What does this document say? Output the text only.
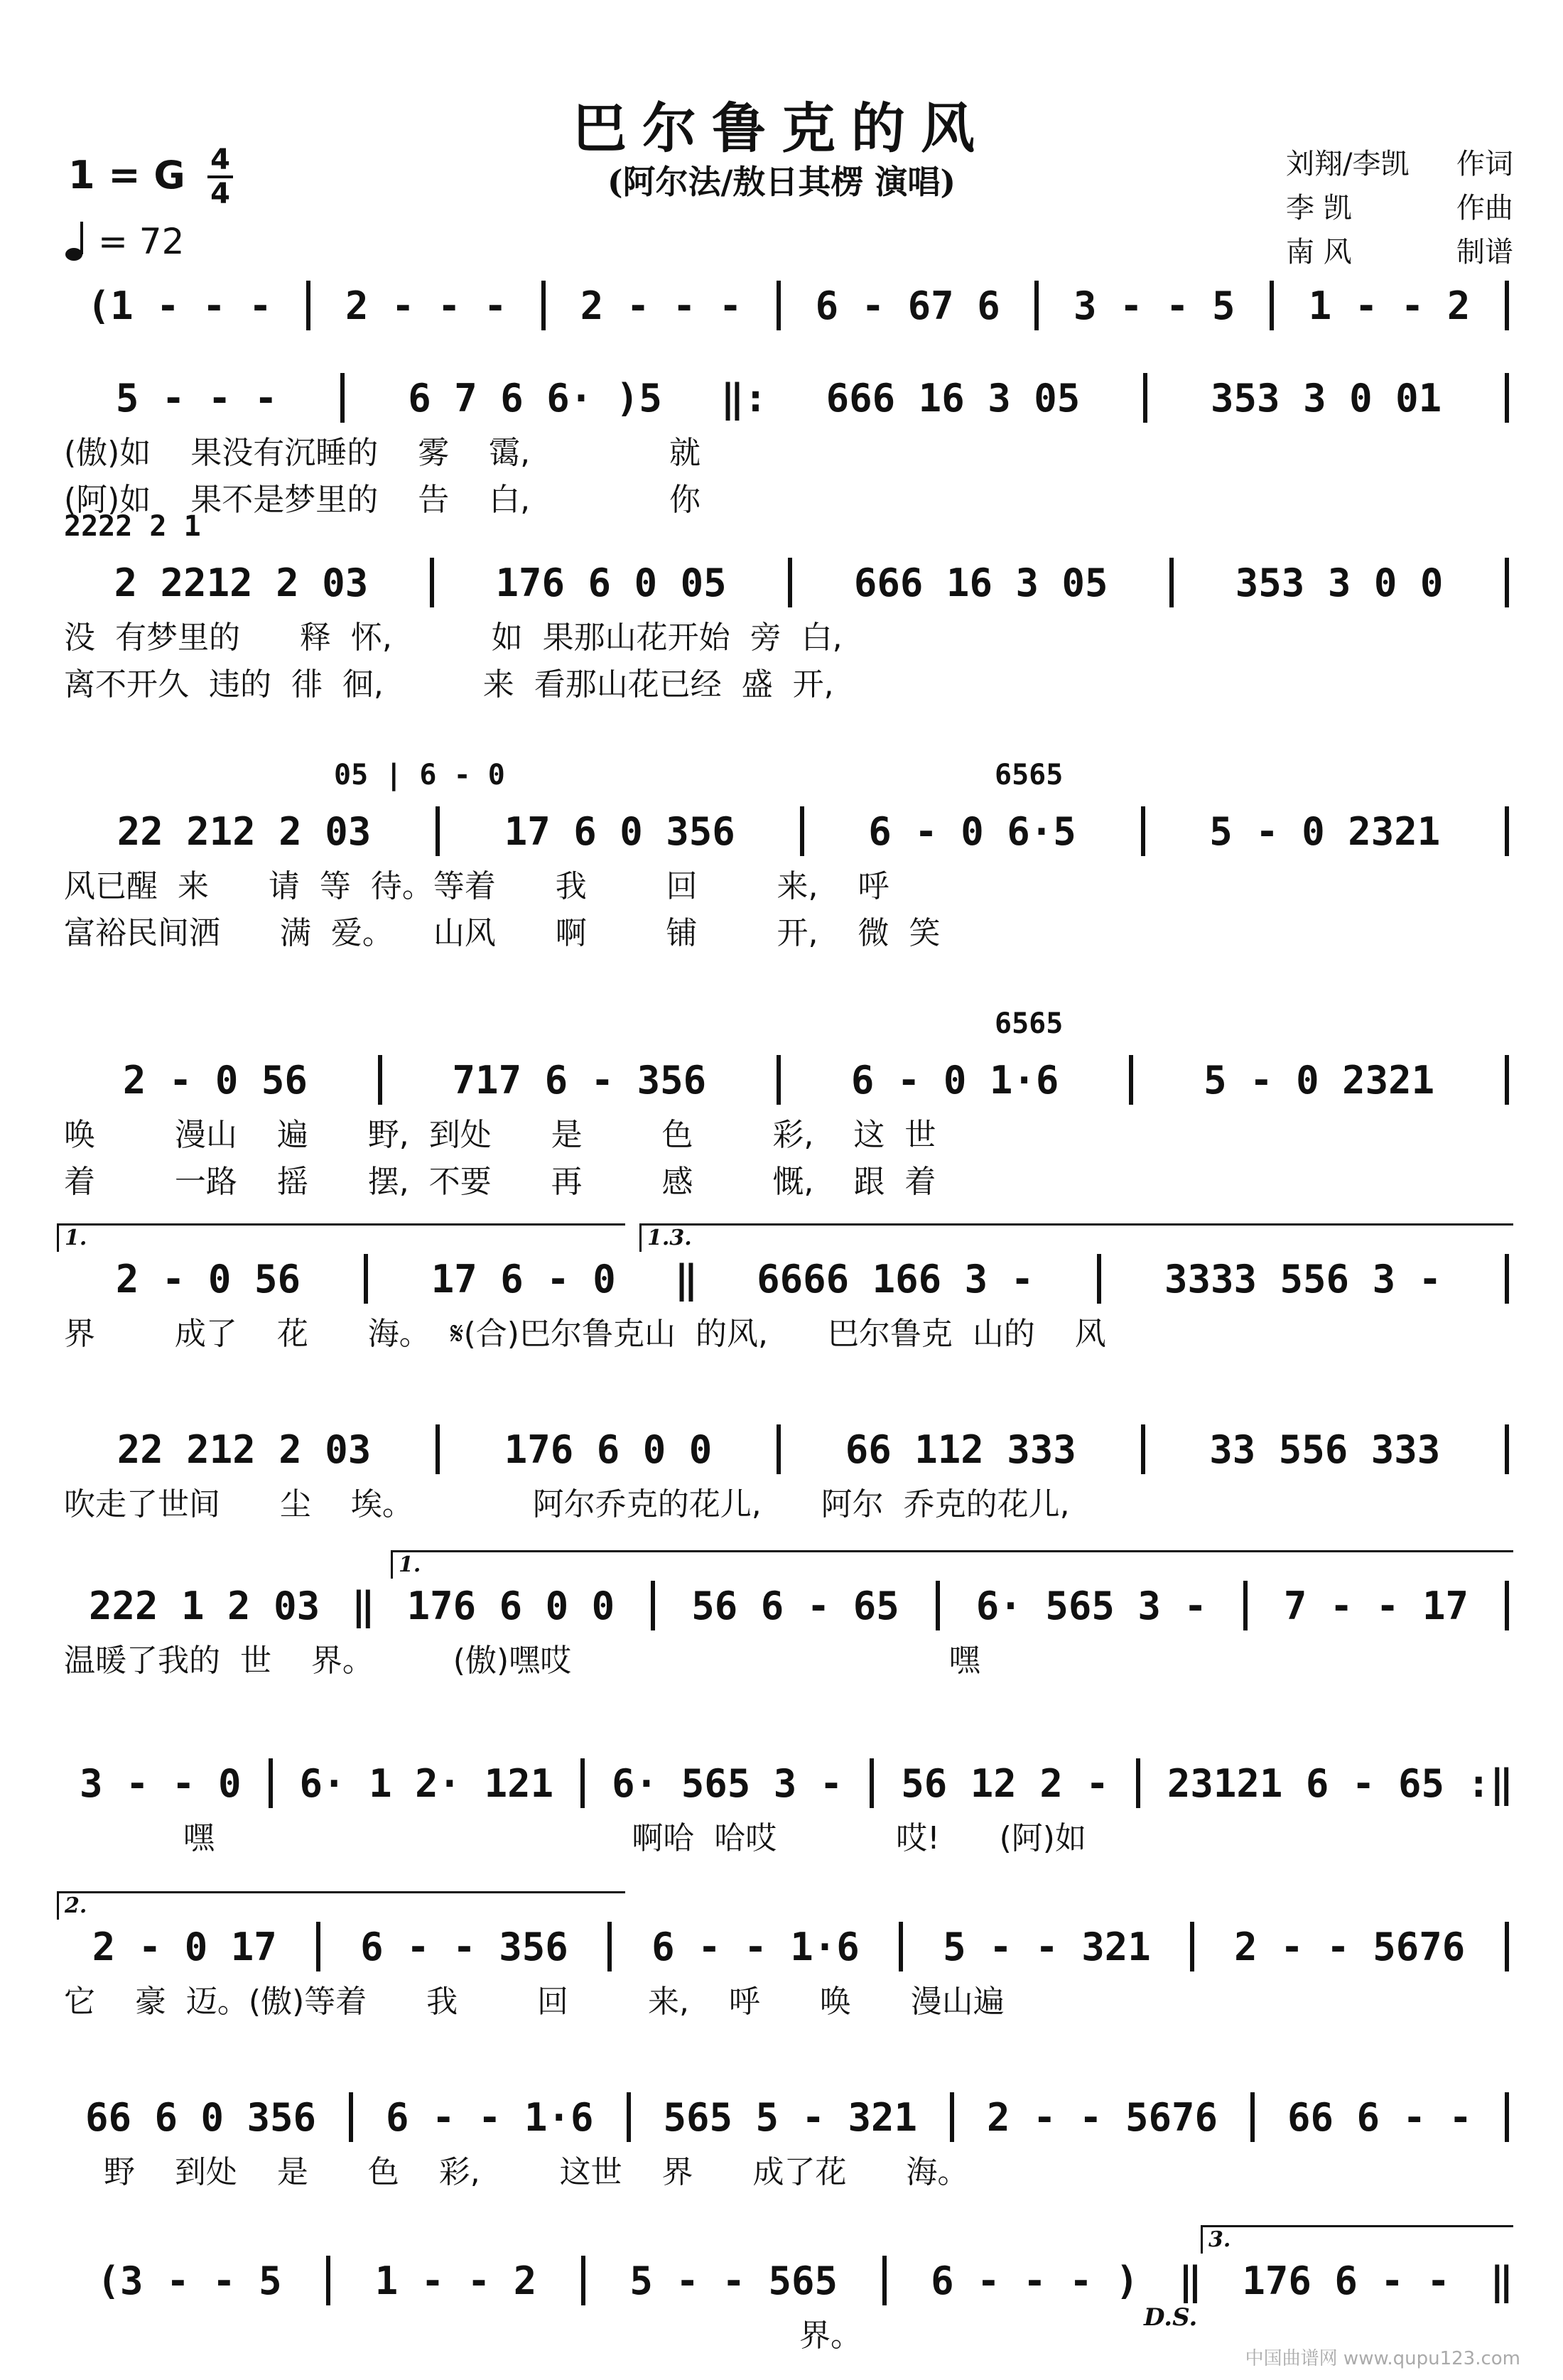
巴尔鲁克的风
(阿尔法/敖日其楞 演唱)
1 = G 4
4
= 72
刘翔/李凯 作词
李 凯	作曲
南 风	制谱
(1 - - -	2 - - -	2 - - -	6 - 67 6	3 - - 5	1 - - 2
5 - - -	6 7 6 6· )5	‖:	666 16 3 05	353 3 0 01
(傲)如    果没有沉睡的    雾    霭,              就
(阿)如    果不是梦里的    告    白,              你
2222 2 1
2 2212 2 03	176 6 0 05	666 16 3 05	353 3 0 0
没  有梦里的      释  怀,          如  果那山花开始  旁  白,
离不开久  违的  徘  徊,          来  看那山花已经  盛  开,
05 | 6 - 0	6565
22 212 2 03	17 6 0 356	6 - 0 6·5	5 - 0 2321
风已醒  来      请  等  待。等着      我        回        来,    呼
富裕民间洒      满  爱。    山风      啊        铺        开,    微  笑
6565
2 - 0 56	717 6 - 356	6 - 0 1·6	5 - 0 2321
唤        漫山    遍      野,  到处      是        色        彩,    这  世
着        一路    摇      摆,  不要      再        感        慨,    跟  着
1.	1.3.
2 - 0 56	17 6 - 0	‖	6666 166 3 -	3333 556 3 -
界        成了    花      海。  𝄋(合)巴尔鲁克山  的风,      巴尔鲁克  山的    风
22 212 2 03	176 6 0 0	66 112 333	33 556 333
吹走了世间      尘    埃。            阿尔乔克的花儿,      阿尔  乔克的花儿,
1.
222 1 2 03 ‖ 176 6 0 0	56 6 - 65	6· 565 3 -	7 - - 17
温暖了我的  世    界。        (傲)嘿哎                                      嘿
3 - - 0	6· 1 2· 121	6· 565 3 -	56 12 2 -	23121 6 - 65 :‖
嘿                                          啊哈  哈哎            哎!      (阿)如
2.
2 - 0 17	6 - - 356	6 - - 1·6	5 - - 321	2 - - 5676
它    豪  迈。(傲)等着      我        回        来,    呼      唤      漫山遍
66 6 0 356	6 - - 1·6	565 5 - 321	2 - - 5676	66 6 - -
野    到处    是      色    彩,        这世    界      成了花      海。
3.
D.S.
(3 - - 5	1 - - 2	5 - - 565	6 - - - )	‖	176 6 - -	‖
界。
中国曲谱网 www.qupu123.com
